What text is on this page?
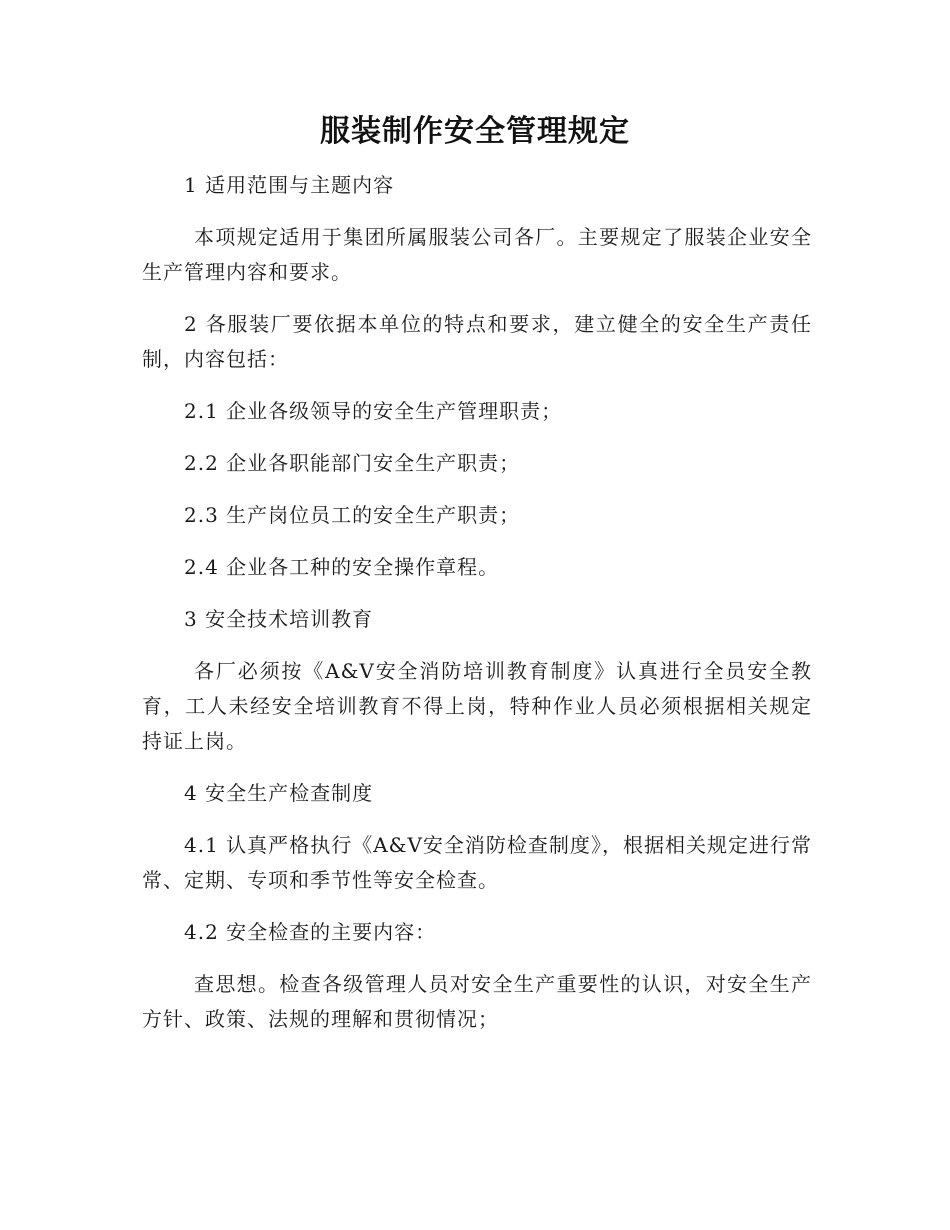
服装制作安全管理规定

1 适用范围与主题内容

本项规定适用于集团所属服装公司各厂。主要规定了服装企业安全生产管理内容和要求。

2 各服装厂要依据本单位的特点和要求，建立健全的安全生产责任制，内容包括：

2.1 企业各级领导的安全生产管理职责；

2.2 企业各职能部门安全生产职责；

2.3 生产岗位员工的安全生产职责；

2.4 企业各工种的安全操作章程。

3 安全技术培训教育

各厂必须按《A&V安全消防培训教育制度》认真进行全员安全教育，工人未经安全培训教育不得上岗，特种作业人员必须根据相关规定持证上岗。

4 安全生产检查制度

4.1 认真严格执行《A&V安全消防检查制度》，根据相关规定进行常常、定期、专项和季节性等安全检查。

4.2 安全检查的主要内容：

查思想。检查各级管理人员对安全生产重要性的认识，对安全生产方针、政策、法规的理解和贯彻情况；
